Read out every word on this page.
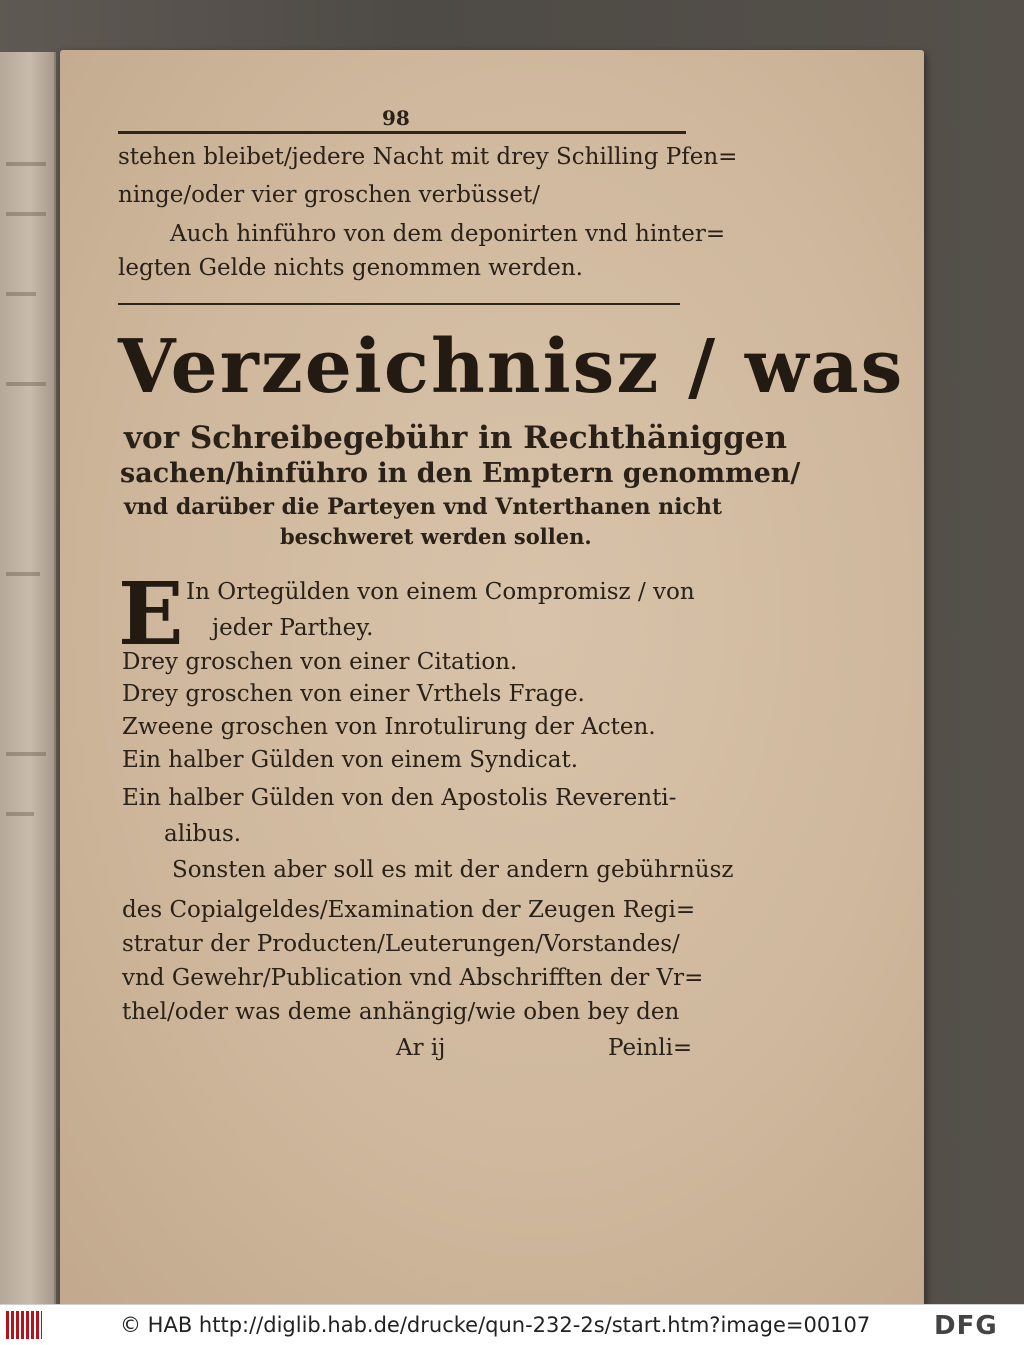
98
stehen bleibet/jedere Nacht mit drey Schilling Pfen=
ninge/oder vier groschen verbüsset/
Auch hinführo von dem deponirten vnd hinter=
legten Gelde nichts genommen werden.
Verzeichnisz / was
vor Schreibegebühr in Rechthäniggen
sachen/hinführo in den Emptern genommen/
vnd darüber die Parteyen vnd Vnterthanen nicht
beschweret werden sollen.
E In Ortegülden von einem Compromisz / von
jeder Parthey.
Drey groschen von einer Citation.
Drey groschen von einer Vrthels Frage.
Zweene groschen von Inrotulirung der Acten.
Ein halber Gülden von einem Syndicat.
Ein halber Gülden von den Apostolis Reverenti-
alibus.
Sonsten aber soll es mit der andern gebührnüsz
des Copialgeldes/Examination der Zeugen Regi=
stratur der Producten/Leuterungen/Vorstandes/
vnd Gewehr/Publication vnd Abschrifften der Vr=
thel/oder was deme anhängig/wie oben bey den
Ar ij	Peinli=
© HAB http://diglib.hab.de/drucke/qun-232-2s/start.htm?image=00107 DFG
